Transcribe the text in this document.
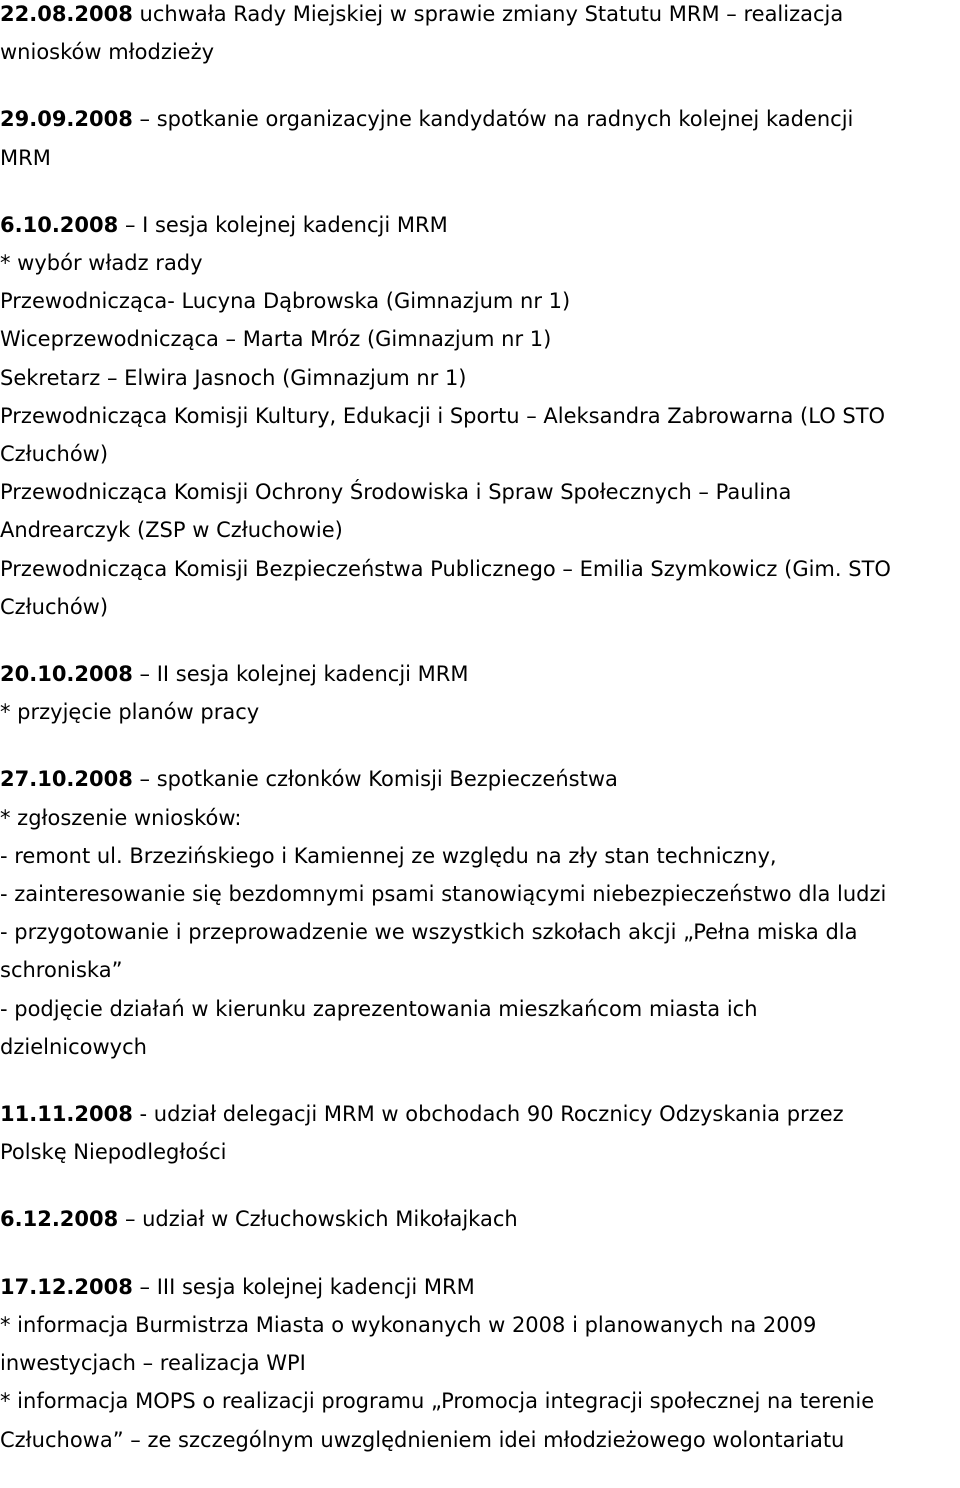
22.08.2008 uchwała Rady Miejskiej w sprawie zmiany Statutu MRM – realizacja
wniosków młodzieży
29.09.2008 – spotkanie organizacyjne kandydatów na radnych kolejnej kadencji
MRM
6.10.2008 – I sesja kolejnej kadencji MRM
* wybór władz rady
Przewodnicząca- Lucyna Dąbrowska (Gimnazjum nr 1)
Wiceprzewodnicząca – Marta Mróz (Gimnazjum nr 1)
Sekretarz – Elwira Jasnoch (Gimnazjum nr 1)
Przewodnicząca Komisji Kultury, Edukacji i Sportu – Aleksandra Zabrowarna (LO STO
Człuchów)
Przewodnicząca Komisji Ochrony Środowiska i Spraw Społecznych – Paulina
Andrearczyk (ZSP w Człuchowie)
Przewodnicząca Komisji Bezpieczeństwa Publicznego – Emilia Szymkowicz (Gim. STO
Człuchów)
20.10.2008 – II sesja kolejnej kadencji MRM
* przyjęcie planów pracy
27.10.2008 – spotkanie członków Komisji Bezpieczeństwa
* zgłoszenie wniosków:
- remont ul. Brzezińskiego i Kamiennej ze względu na zły stan techniczny,
- zainteresowanie się bezdomnymi psami stanowiącymi niebezpieczeństwo dla ludzi
- przygotowanie i przeprowadzenie we wszystkich szkołach akcji „Pełna miska dla
schroniska”
- podjęcie działań w kierunku zaprezentowania mieszkańcom miasta ich
dzielnicowych
11.11.2008 - udział delegacji MRM w obchodach 90 Rocznicy Odzyskania przez
Polskę Niepodległości
6.12.2008 – udział w Człuchowskich Mikołajkach
17.12.2008 – III sesja kolejnej kadencji MRM
* informacja Burmistrza Miasta o wykonanych w 2008 i planowanych na 2009
inwestycjach – realizacja WPI
* informacja MOPS o realizacji programu „Promocja integracji społecznej na terenie
Człuchowa” – ze szczególnym uwzględnieniem idei młodzieżowego wolontariatu
